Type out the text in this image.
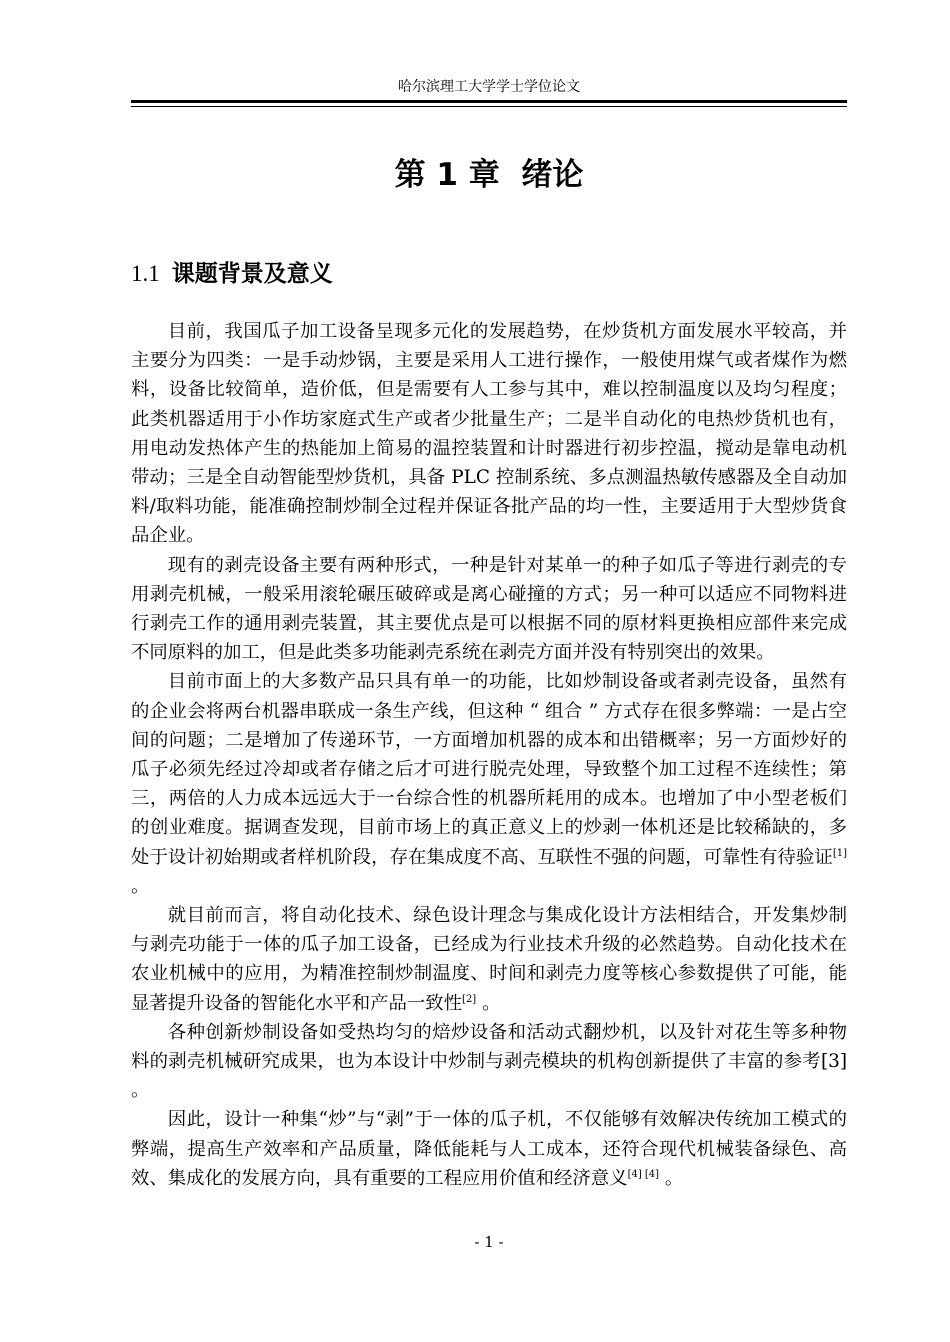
哈尔滨理工大学学士学位论文
第 1 章 绪论
1.1 课题背景及意义

目前，我国瓜子加工设备呈现多元化的发展趋势，在炒货机方面发展水平较高，并主要分为四类：一是手动炒锅，主要是采用人工进行操作，一般使用煤气或者煤作为燃料，设备比较简单，造价低，但是需要有人工参与其中，难以控制温度以及均匀程度；此类机器适用于小作坊家庭式生产或者少批量生产；二是半自动化的电热炒货机也有，用电动发热体产生的热能加上简易的温控装置和计时器进行初步控温，搅动是靠电动机带动；三是全自动智能型炒货机，具备 PLC 控制系统、多点测温热敏传感器及全自动加料/取料功能，能准确控制炒制全过程并保证各批产品的均一性，主要适用于大型炒货食品企业。

现有的剥壳设备主要有两种形式，一种是针对某单一的种子如瓜子等进行剥壳的专用剥壳机械，一般采用滚轮碾压破碎或是离心碰撞的方式；另一种可以适应不同物料进行剥壳工作的通用剥壳装置，其主要优点是可以根据不同的原材料更换相应部件来完成不同原料的加工，但是此类多功能剥壳系统在剥壳方面并没有特别突出的效果。

目前市面上的大多数产品只具有单一的功能，比如炒制设备或者剥壳设备，虽然有的企业会将两台机器串联成一条生产线，但这种 “ 组合 ” 方式存在很多弊端：一是占空间的问题；二是增加了传递环节，一方面增加机器的成本和出错概率；另一方面炒好的瓜子必须先经过冷却或者存储之后才可进行脱壳处理，导致整个加工过程不连续性；第三，两倍的人力成本远远大于一台综合性的机器所耗用的成本。也增加了中小型老板们的创业难度。据调查发现，目前市场上的真正意义上的炒剥一体机还是比较稀缺的，多处于设计初始期或者样机阶段，存在集成度不高、互联性不强的问题，可靠性有待验证[1] 。

就目前而言，将自动化技术、绿色设计理念与集成化设计方法相结合，开发集炒制与剥壳功能于一体的瓜子加工设备，已经成为行业技术升级的必然趋势。自动化技术在农业机械中的应用，为精准控制炒制温度、时间和剥壳力度等核心参数提供了可能，能显著提升设备的智能化水平和产品一致性[2] 。

各种创新炒制设备如受热均匀的焙炒设备和活动式翻炒机，以及针对花生等多种物料的剥壳机械研究成果，也为本设计中炒制与剥壳模块的机构创新提供了丰富的参考[3] 。

因此，设计一种集“炒”与“剥”于一体的瓜子机，不仅能够有效解决传统加工模式的弊端，提高生产效率和产品质量，降低能耗与人工成本，还符合现代机械装备绿色、高效、集成化的发展方向，具有重要的工程应用价值和经济意义[4] [4] 。

- 1 -
